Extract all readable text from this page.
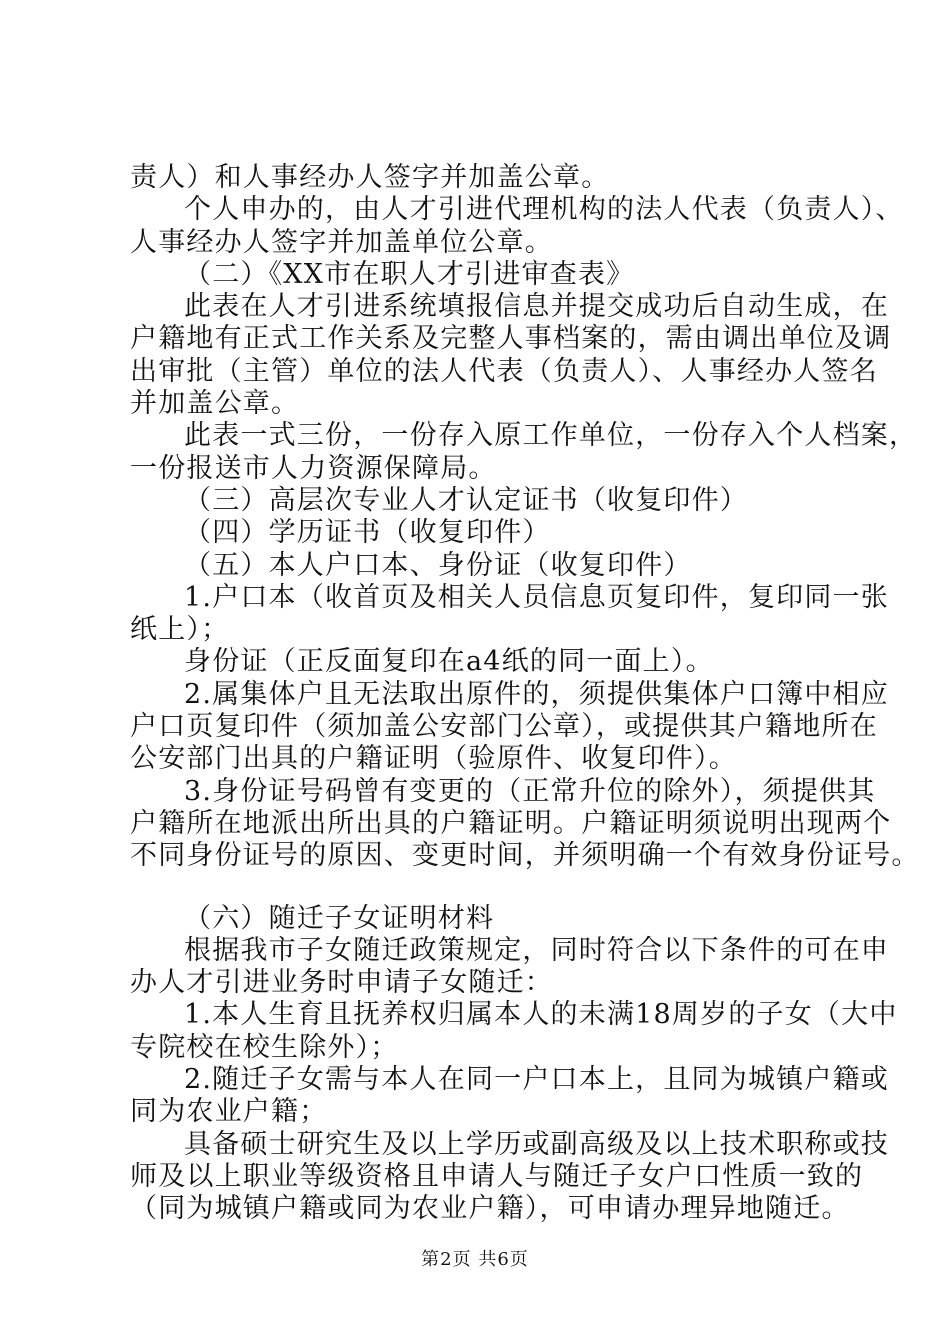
责人）和人事经办人签字并加盖公章。
个人申办的，由人才引进代理机构的法人代表（负责人）、
人事经办人签字并加盖单位公章。
（二）《XX市在职人才引进审查表》
此表在人才引进系统填报信息并提交成功后自动生成，在
户籍地有正式工作关系及完整人事档案的，需由调出单位及调
出审批（主管）单位的法人代表（负责人）、人事经办人签名
并加盖公章。
此表一式三份，一份存入原工作单位，一份存入个人档案，
一份报送市人力资源保障局。
（三）高层次专业人才认定证书（收复印件）
（四）学历证书（收复印件）
（五）本人户口本、身份证（收复印件）
1.户口本（收首页及相关人员信息页复印件，复印同一张
纸上）；
身份证（正反面复印在a4纸的同一面上）。
2.属集体户且无法取出原件的，须提供集体户口簿中相应
户口页复印件（须加盖公安部门公章），或提供其户籍地所在
公安部门出具的户籍证明（验原件、收复印件）。
3.身份证号码曾有变更的（正常升位的除外），须提供其
户籍所在地派出所出具的户籍证明。户籍证明须说明出现两个
不同身份证号的原因、变更时间，并须明确一个有效身份证号。
（六）随迁子女证明材料
根据我市子女随迁政策规定，同时符合以下条件的可在申
办人才引进业务时申请子女随迁：
1.本人生育且抚养权归属本人的未满18周岁的子女（大中
专院校在校生除外）；
2.随迁子女需与本人在同一户口本上，且同为城镇户籍或
同为农业户籍；
具备硕士研究生及以上学历或副高级及以上技术职称或技
师及以上职业等级资格且申请人与随迁子女户口性质一致的
（同为城镇户籍或同为农业户籍），可申请办理异地随迁。
第2页 共6页
